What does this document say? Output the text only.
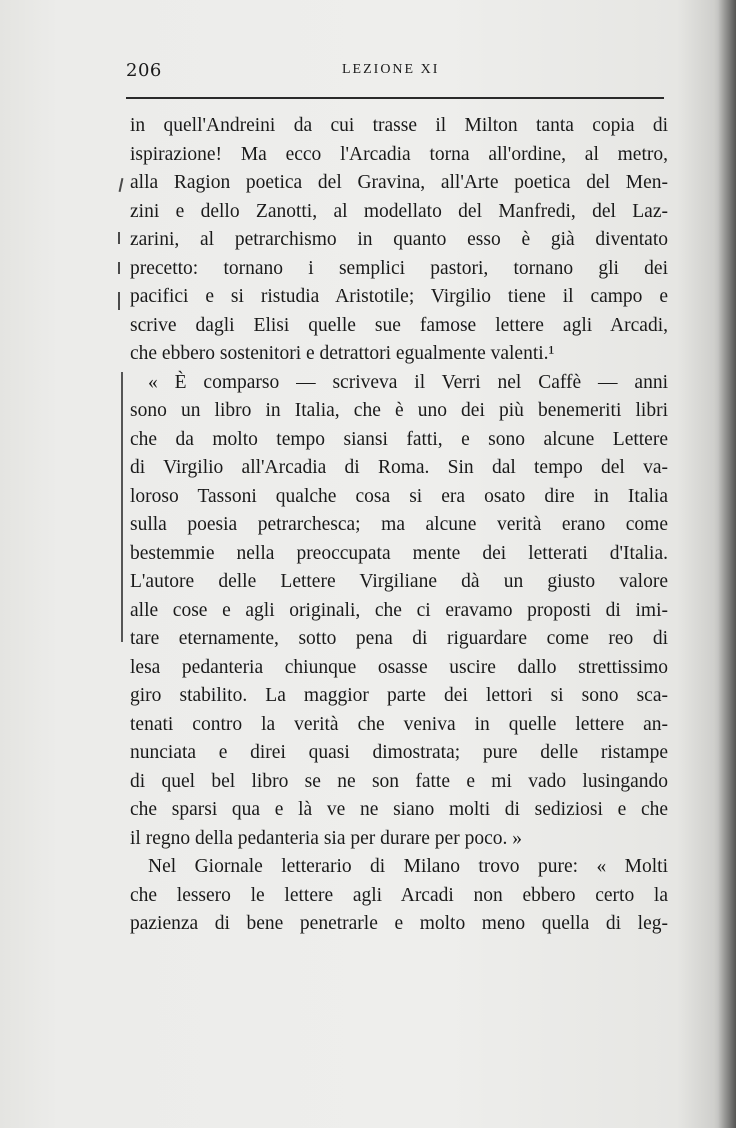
206	LEZIONE XI
in quell'Andreini da cui trasse il Milton tanta copia di
ispirazione! Ma ecco l'Arcadia torna all'ordine, al metro,
alla Ragion poetica del Gravina, all'Arte poetica del Men-
zini e dello Zanotti, al modellato del Manfredi, del Laz-
zarini, al petrarchismo in quanto esso è già diventato
precetto: tornano i semplici pastori, tornano gli dei
pacifici e si ristudia Aristotile; Virgilio tiene il campo e
scrive dagli Elisi quelle sue famose lettere agli Arcadi,
che ebbero sostenitori e detrattori egualmente valenti.¹
« È comparso — scriveva il Verri nel Caffè — anni
sono un libro in Italia, che è uno dei più benemeriti libri
che da molto tempo siansi fatti, e sono alcune Lettere
di Virgilio all'Arcadia di Roma. Sin dal tempo del va-
loroso Tassoni qualche cosa si era osato dire in Italia
sulla poesia petrarchesca; ma alcune verità erano come
bestemmie nella preoccupata mente dei letterati d'Italia.
L'autore delle Lettere Virgiliane dà un giusto valore
alle cose e agli originali, che ci eravamo proposti di imi-
tare eternamente, sotto pena di riguardare come reo di
lesa pedanteria chiunque osasse uscire dallo strettissimo
giro stabilito. La maggior parte dei lettori si sono sca-
tenati contro la verità che veniva in quelle lettere an-
nunciata e direi quasi dimostrata; pure delle ristampe
di quel bel libro se ne son fatte e mi vado lusingando
che sparsi qua e là ve ne siano molti di sediziosi e che
il regno della pedanteria sia per durare per poco. »
Nel Giornale letterario di Milano trovo pure: « Molti
che lessero le lettere agli Arcadi non ebbero certo la
pazienza di bene penetrarle e molto meno quella di leg-
